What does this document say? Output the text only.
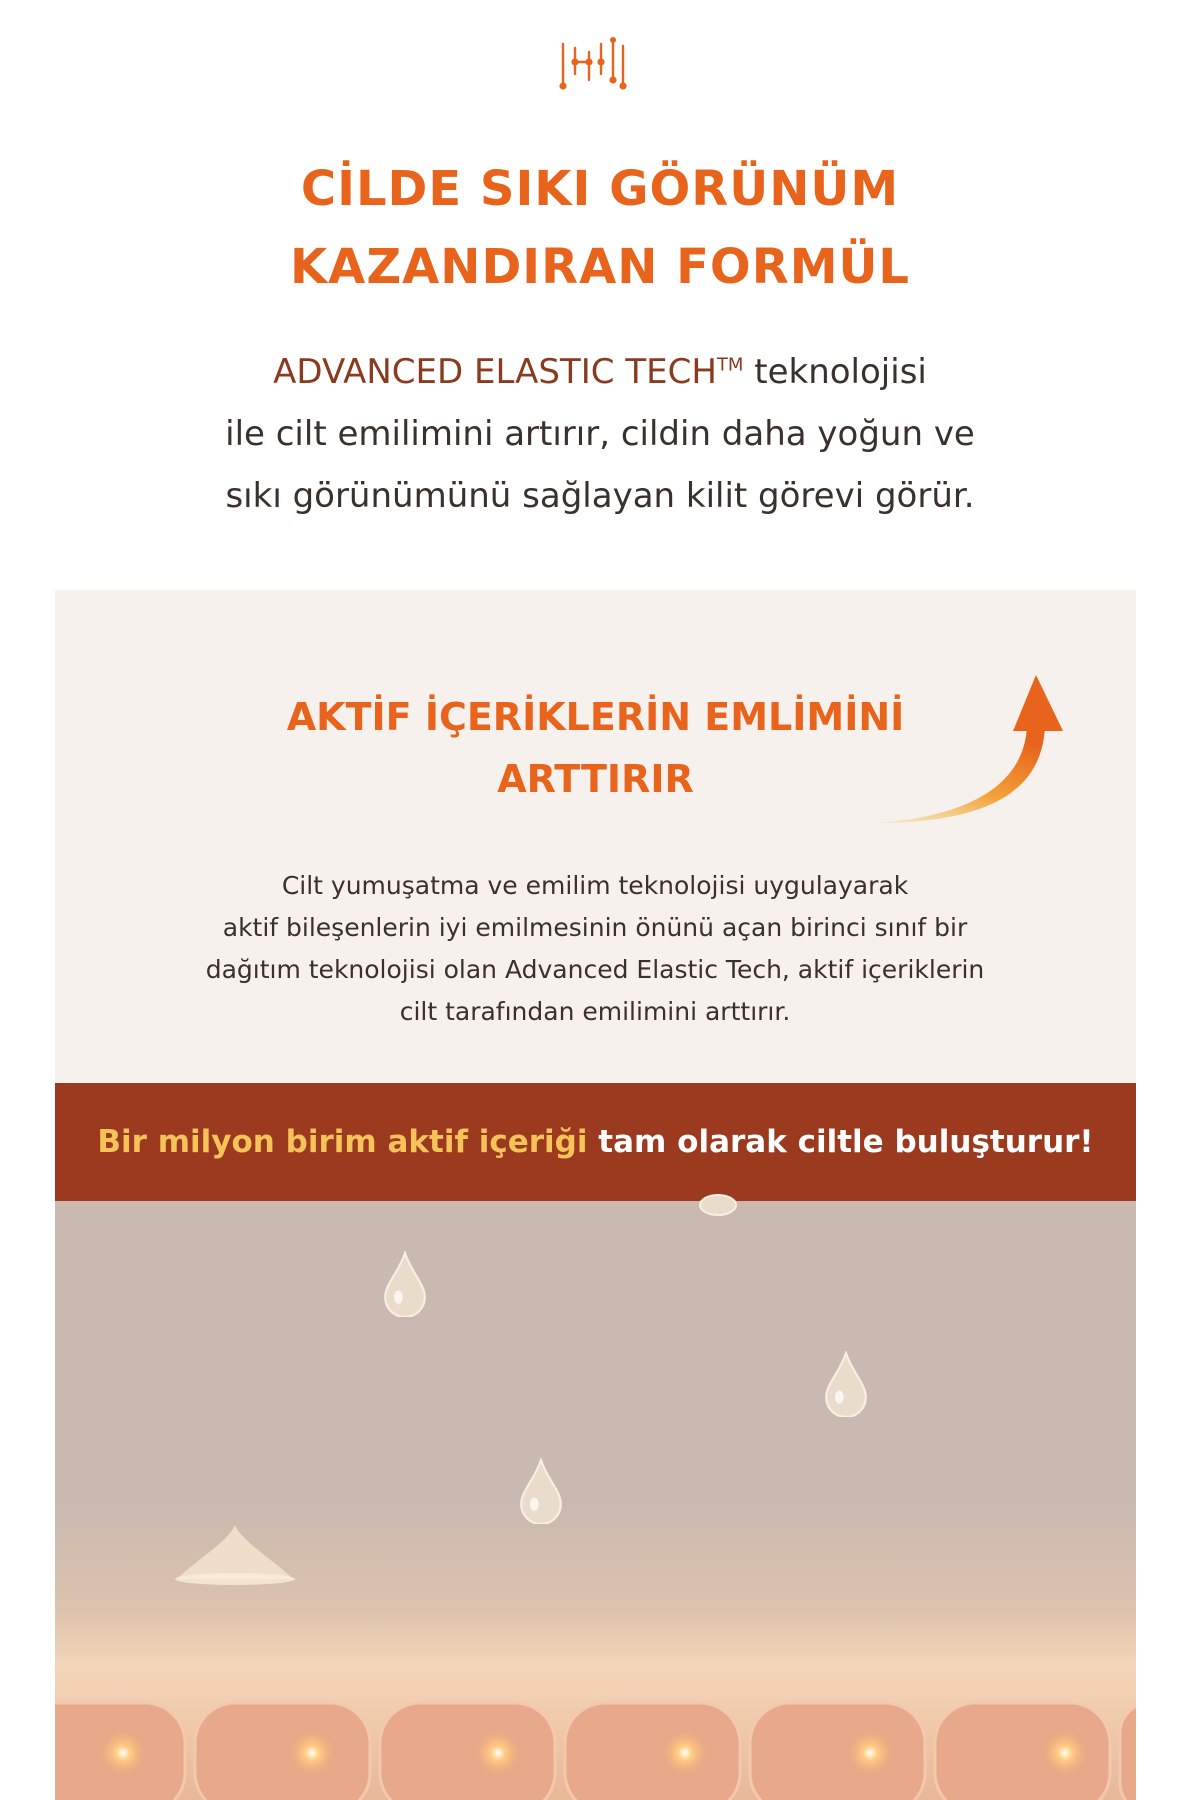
CİLDE SIKI GÖRÜNÜM
KAZANDIRAN FORMÜL

ADVANCED ELASTIC TECH™ teknolojisi
ile cilt emilimini artırır, cildin daha yoğun ve
sıkı görünümünü sağlayan kilit görevi görür.

AKTİF İÇERİKLERİN EMLİMİNİ
ARTTIRIR

Cilt yumuşatma ve emilim teknolojisi uygulayarak
aktif bileşenlerin iyi emilmesinin önünü açan birinci sınıf bir
dağıtım teknolojisi olan Advanced Elastic Tech, aktif içeriklerin
cilt tarafından emilimini arttırır.

Bir milyon birim aktif içeriği tam olarak ciltle buluşturur!
